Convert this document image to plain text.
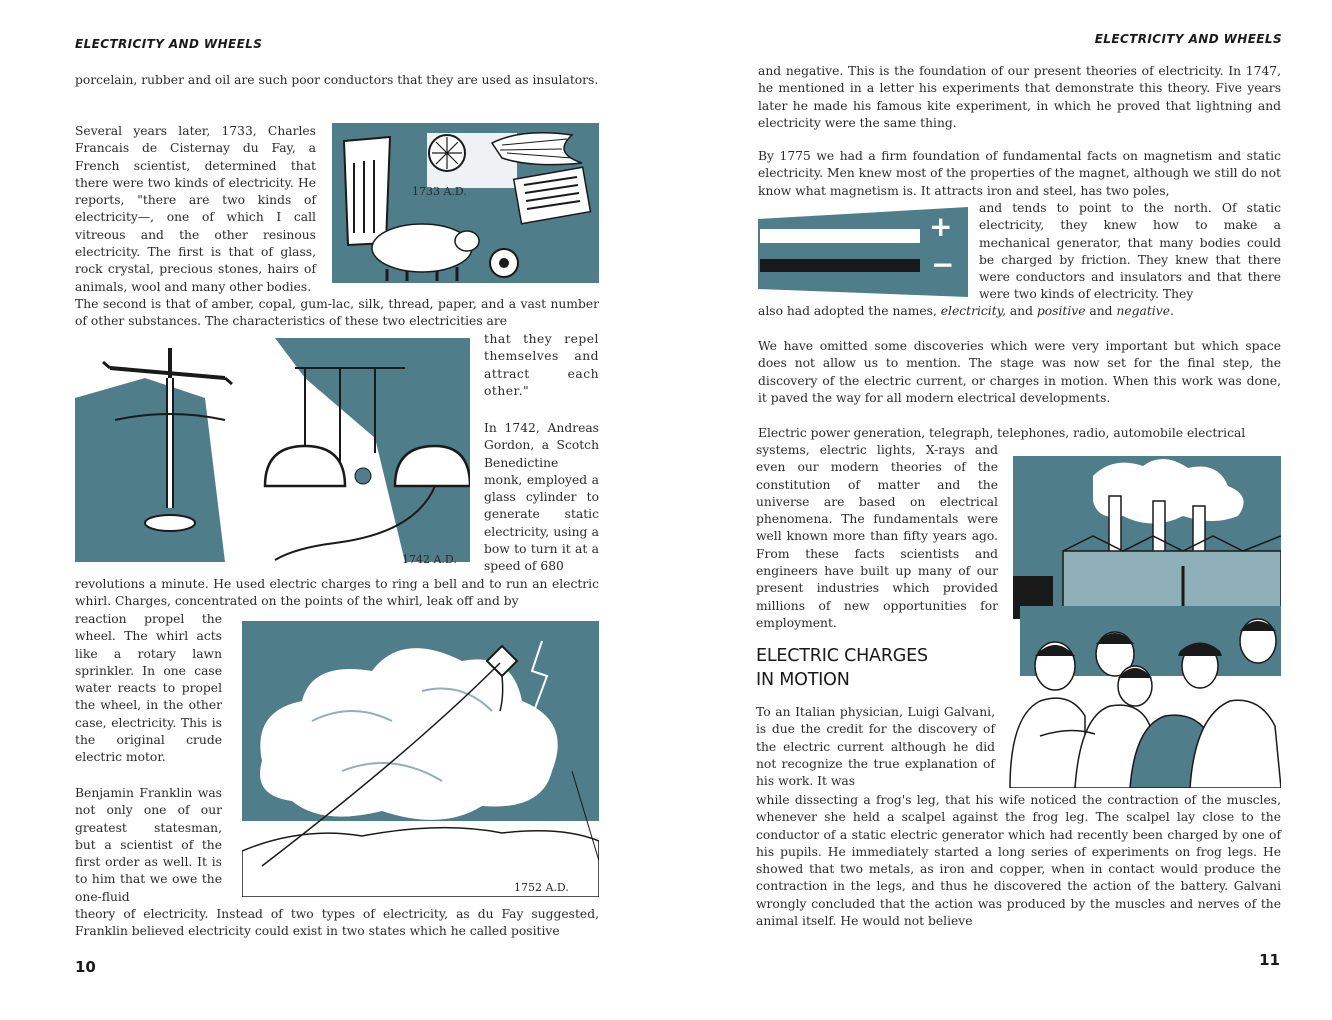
ELECTRICITY AND WHEELS

porcelain, rubber and oil are such poor conductors that they are used as insulators.

Several years later, 1733, Charles Francais de Cisternay du Fay, a French scientist, determined that there were two kinds of electricity. He reports, "there are two kinds of electricity—, one of which I call vitreous and the other resinous electricity. The first is that of glass, rock crystal, precious stones, hairs of animals, wool and many other bodies.

1733 A.D.

The second is that of amber, copal, gum-lac, silk, thread, paper, and a vast number of other substances. The characteristics of these two electricities are

that they repel themselves and attract each other."

In 1742, Andreas Gordon, a Scotch Benedictine monk, employed a glass cylinder to generate static electricity, using a bow to turn it at a speed of 680

1742 A.D.

revolutions a minute. He used electric charges to ring a bell and to run an electric whirl. Charges, concentrated on the points of the whirl, leak off and by

reaction propel the wheel. The whirl acts like a rotary lawn sprinkler. In one case water reacts to propel the wheel, in the other case, electricity. This is the original crude electric motor.

1752 A.D.

Benjamin Franklin was not only one of our greatest statesman, but a scientist of the first order as well. It is to him that we owe the one-fluid

theory of electricity. Instead of two types of electricity, as du Fay suggested, Franklin believed electricity could exist in two states which he called positive

10
ELECTRICITY AND WHEELS

and negative. This is the foundation of our present theories of electricity. In 1747, he mentioned in a letter his experiments that demonstrate this theory. Five years later he made his famous kite experiment, in which he proved that lightning and electricity were the same thing.

By 1775 we had a firm foundation of fundamental facts on magnetism and static electricity. Men knew most of the properties of the magnet, although we still do not know what magnetism is. It attracts iron and steel, has two poles,

+
−

and tends to point to the north. Of static electricity, they knew how to make a mechanical generator, that many bodies could be charged by friction. They knew that there were conductors and insulators and that there were two kinds of electricity. They

also had adopted the names, electricity, and positive and negative.

We have omitted some discoveries which were very important but which space does not allow us to mention. The stage was now set for the final step, the discovery of the electric current, or charges in motion. When this work was done, it paved the way for all modern electrical developments.

Electric power generation, telegraph, telephones, radio, automobile electrical

systems, electric lights, X-rays and even our modern theories of the constitution of matter and the universe are based on electrical phenomena. The fundamentals were well known more than fifty years ago. From these facts scientists and engineers have built up many of our present industries which provided millions of new opportunities for employment.

ELECTRIC CHARGES
IN MOTION

To an Italian physician, Luigi Galvani, is due the credit for the discovery of the electric current although he did not recognize the true explanation of his work. It was

while dissecting a frog's leg, that his wife noticed the contraction of the muscles, whenever she held a scalpel against the frog leg. The scalpel lay close to the conductor of a static electric generator which had recently been charged by one of his pupils. He immediately started a long series of experiments on frog legs. He showed that two metals, as iron and copper, when in contact would produce the contraction in the legs, and thus he discovered the action of the battery. Galvani wrongly concluded that the action was produced by the muscles and nerves of the animal itself. He would not believe

11
